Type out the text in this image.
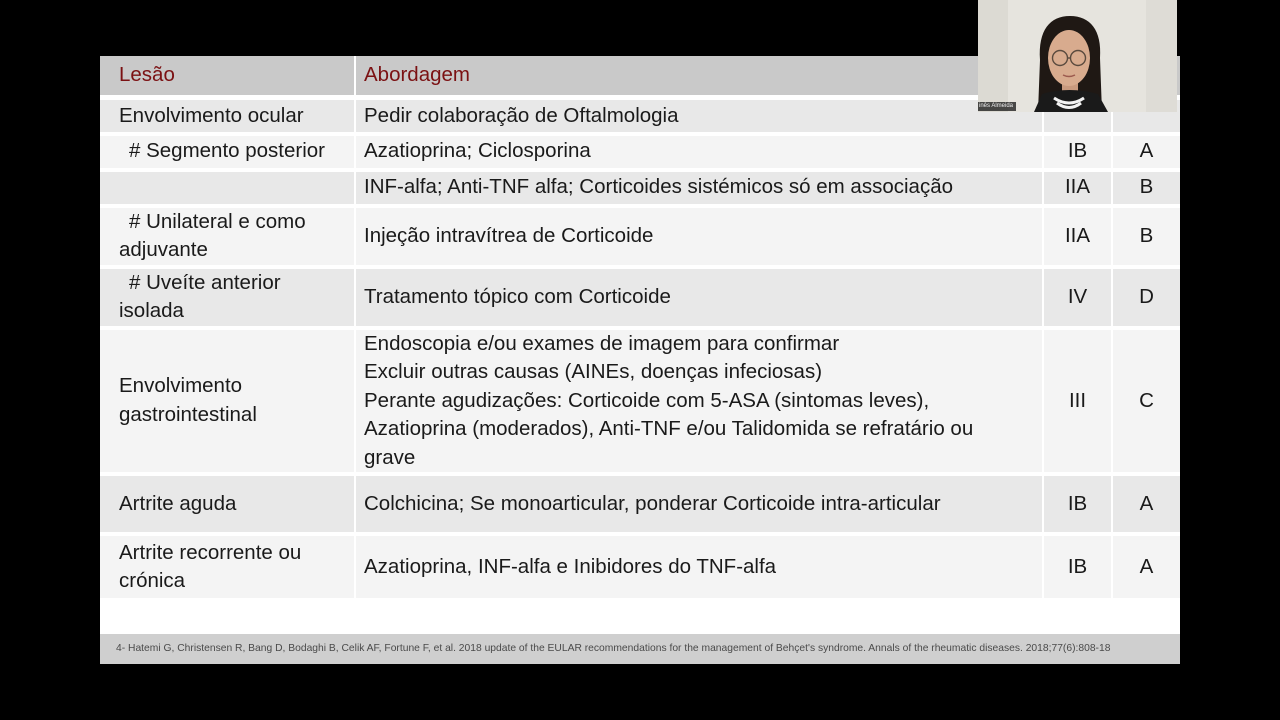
Lesão	Abordagem		
Envolvimento ocular	Pedir colaboração de Oftalmologia		

# Segmento posterior	Azatioprina; Ciclosporina	IB	A

	INF-alfa; Anti-TNF alfa; Corticoides sistémicos só em associação	IIA	B

# Unilateral e como
adjuvante	Injeção intravítrea de Corticoide	IIA	B

# Uveíte anterior
isolada	Tratamento tópico com Corticoide	IV	D

Envolvimento
gastrointestinal	Endoscopia e/ou exames de imagem para confirmar
Excluir outras causas (AINEs, doenças infeciosas)
Perante agudizações: Corticoide com 5-ASA (sintomas leves),
Azatioprina (moderados), Anti-TNF e/ou Talidomida se refratário ou
grave	III	C
Artrite aguda	Colchicina; Se monoarticular, ponderar Corticoide intra-articular	IB	A

Artrite recorrente ou
crónica	Azatioprina, INF-alfa e Inibidores do TNF-alfa	IB	A
4- Hatemi G, Christensen R, Bang D, Bodaghi B, Celik AF, Fortune F, et al. 2018 update of the EULAR recommendations for the management of Behçet's syndrome. Annals of the rheumatic diseases. 2018;77(6):808-18
inês Almeida
